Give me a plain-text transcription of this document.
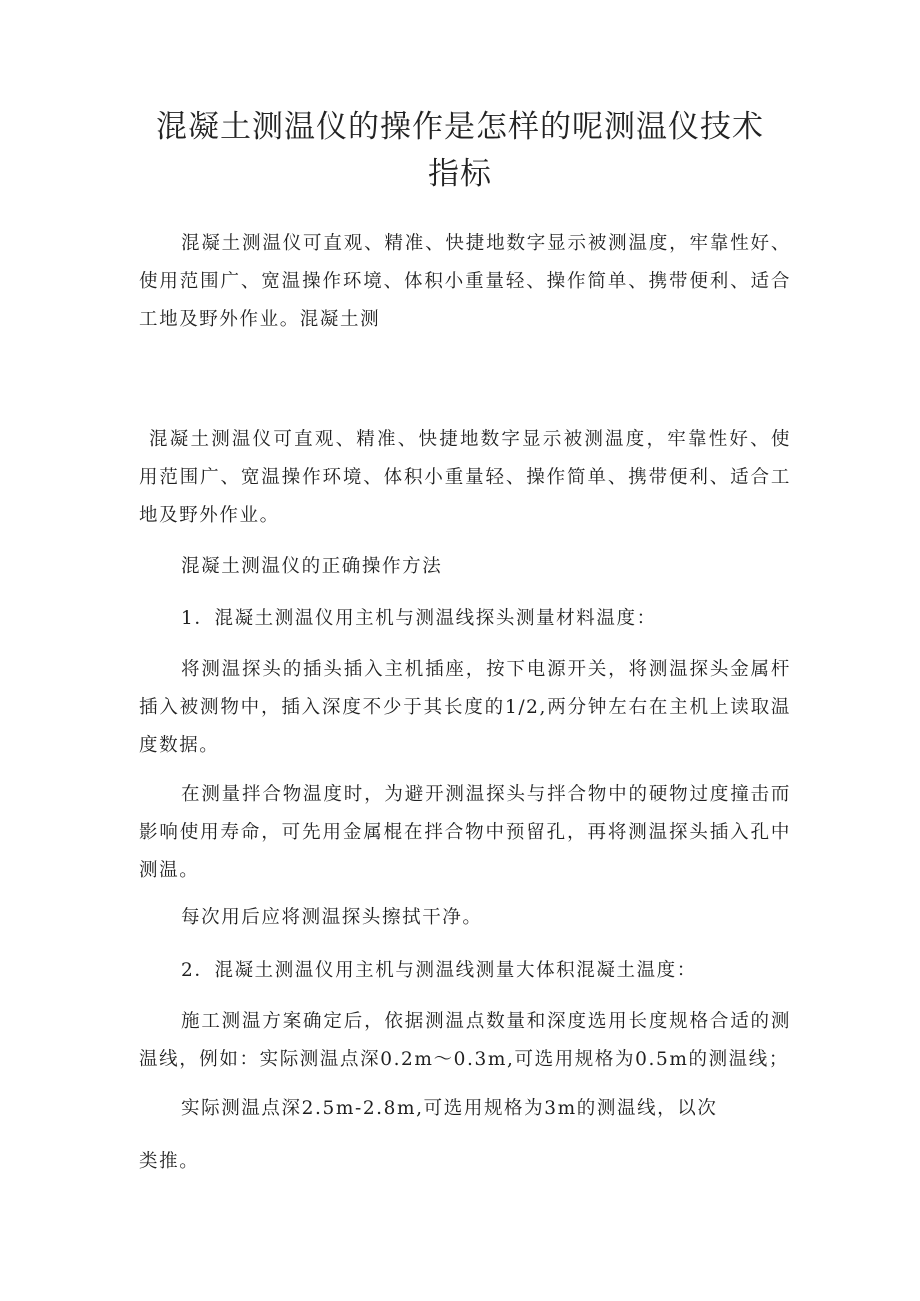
混凝土测温仪的操作是怎样的呢测温仪技术
指标

混凝土测温仪可直观、精准、快捷地数字显示被测温度，牢靠性好、使用范围广、宽温操作环境、体积小重量轻、操作简单、携带便利、适合工地及野外作业。混凝土测

混凝土测温仪可直观、精准、快捷地数字显示被测温度，牢靠性好、使用范围广、宽温操作环境、体积小重量轻、操作简单、携带便利、适合工地及野外作业。

混凝土测温仪的正确操作方法

1．混凝土测温仪用主机与测温线探头测量材料温度：

将测温探头的插头插入主机插座，按下电源开关，将测温探头金属杆插入被测物中，插入深度不少于其长度的1/2,两分钟左右在主机上读取温度数据。

在测量拌合物温度时，为避开测温探头与拌合物中的硬物过度撞击而影响使用寿命，可先用金属棍在拌合物中预留孔，再将测温探头插入孔中测温。

每次用后应将测温探头擦拭干净。

2．混凝土测温仪用主机与测温线测量大体积混凝土温度：

施工测温方案确定后，依据测温点数量和深度选用长度规格合适的测温线，例如：实际测温点深0.2m～0.3m,可选用规格为0.5m的测温线；

实际测温点深2.5m-2.8m,可选用规格为3m的测温线，以次

类推。
